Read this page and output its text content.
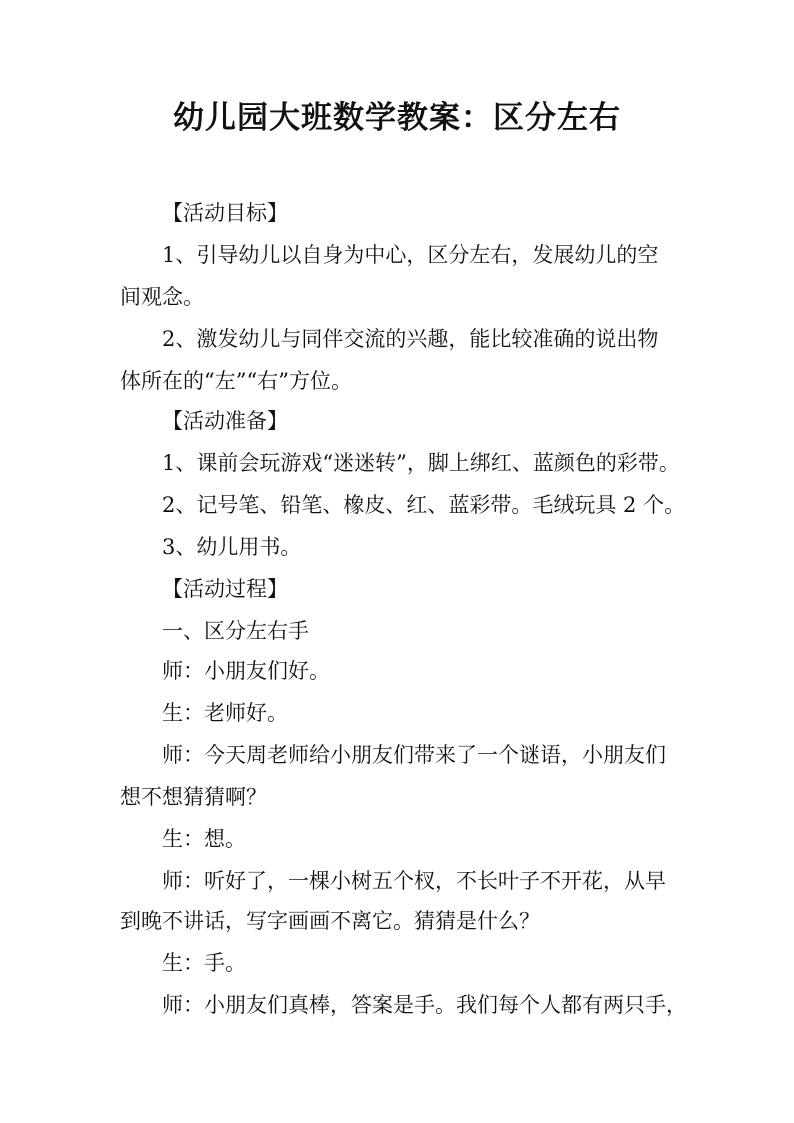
幼儿园大班数学教案：区分左右
【活动目标】
1、引导幼儿以自身为中心，区分左右，发展幼儿的空
间观念。
2、激发幼儿与同伴交流的兴趣，能比较准确的说出物
体所在的“左”“右”方位。
【活动准备】
1、课前会玩游戏“迷迷转”，脚上绑红、蓝颜色的彩带。
2、记号笔、铅笔、橡皮、红、蓝彩带。毛绒玩具 2 个。
3、幼儿用书。
【活动过程】
一、区分左右手
师：小朋友们好。
生：老师好。
师：今天周老师给小朋友们带来了一个谜语，小朋友们
想不想猜猜啊？
生：想。
师：听好了，一棵小树五个杈，不长叶子不开花，从早
到晚不讲话，写字画画不离它。猜猜是什么？
生：手。
师：小朋友们真棒，答案是手。我们每个人都有两只手，
